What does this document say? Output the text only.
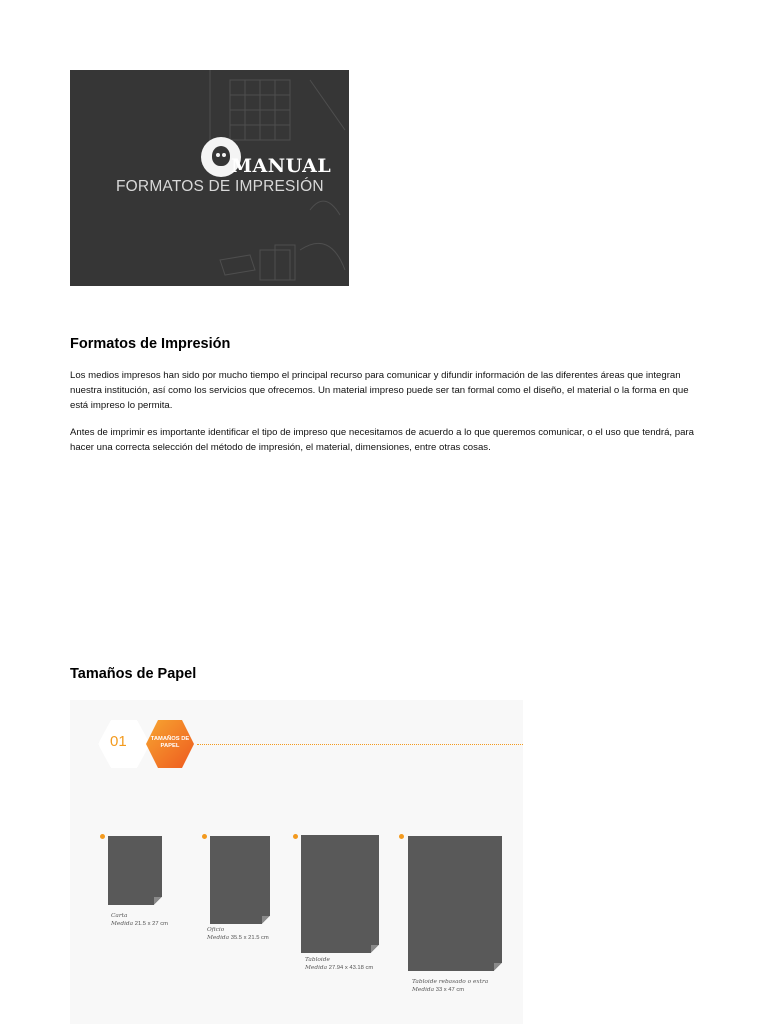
MANUAL
FORMATOS DE IMPRESIÓN
Formatos de Impresión

Los medios impresos han sido por mucho tiempo el principal recurso para comunicar y difundir información de las diferentes áreas que integran nuestra institución, así como los servicios que ofrecemos. Un material impreso puede ser tan formal como el diseño, el material o la forma en que está impreso lo permita.

Antes de imprimir es importante identificar el tipo de impreso que necesitamos de acuerdo a lo que queremos comunicar, o el uso que tendrá, para hacer una correcta selección del método de impresión, el material, dimensiones, entre otras cosas.

Tamaños de Papel
01	TAMAÑOS DE PAPEL
Carta
Medida 21.5 x 27 cm
Oficio
Medida 35.5 x 21.5 cm
Tabloide
Medida 27.94 x 43.18 cm
Tabloide rebasado o extra
Medida 33 x 47 cm
